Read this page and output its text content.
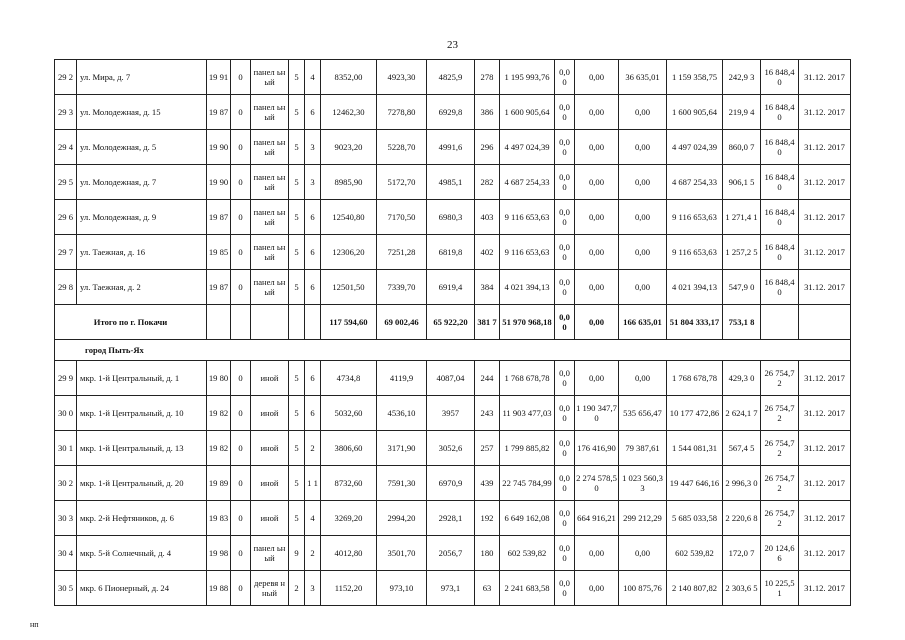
23
29 2	ул. Мира, д. 7	19 91	0	панел ьный	5	4	8352,00	4923,30	4825,9	278	1 195 993,76	0,0 0	0,00	36 635,01	1 159 358,75	242,9 3	16 848,4 0	31.12. 2017
29 3	ул. Молодежная, д. 15	19 87	0	панел ьный	5	6	12462,30	7278,80	6929,8	386	1 600 905,64	0,0 0	0,00	0,00	1 600 905,64	219,9 4	16 848,4 0	31.12. 2017
29 4	ул. Молодежная, д. 5	19 90	0	панел ьный	5	3	9023,20	5228,70	4991,6	296	4 497 024,39	0,0 0	0,00	0,00	4 497 024,39	860,0 7	16 848,4 0	31.12. 2017
29 5	ул. Молодежная, д. 7	19 90	0	панел ьный	5	3	8985,90	5172,70	4985,1	282	4 687 254,33	0,0 0	0,00	0,00	4 687 254,33	906,1 5	16 848,4 0	31.12. 2017
29 6	ул. Молодежная, д. 9	19 87	0	панел ьный	5	6	12540,80	7170,50	6980,3	403	9 116 653,63	0,0 0	0,00	0,00	9 116 653,63	1 271,4 1	16 848,4 0	31.12. 2017
29 7	ул. Таежная, д. 16	19 85	0	панел ьный	5	6	12306,20	7251,28	6819,8	402	9 116 653,63	0,0 0	0,00	0,00	9 116 653,63	1 257,2 5	16 848,4 0	31.12. 2017
29 8	ул. Таежная, д. 2	19 87	0	панел ьный	5	6	12501,50	7339,70	6919,4	384	4 021 394,13	0,0 0	0,00	0,00	4 021 394,13	547,9 0	16 848,4 0	31.12. 2017
Итого по г. Покачи							117 594,60	69 002,46	65 922,20	381 7	51 970 968,18	0,0 0	0,00	166 635,01	51 804 333,17	753,1 8		
город Пыть-Ях																		
29 9	мкр. 1-й Центральный, д. 1	19 80	0	иной	5	6	4734,8	4119,9	4087,04	244	1 768 678,78	0,0 0	0,00	0,00	1 768 678,78	429,3 0	26 754,7 2	31.12. 2017
30 0	мкр. 1-й Центральный, д. 10	19 82	0	иной	5	6	5032,60	4536,10	3957	243	11 903 477,03	0,0 0	1 190 347,70	535 656,47	10 177 472,86	2 624,1 7	26 754,7 2	31.12. 2017
30 1	мкр. 1-й Центральный, д. 13	19 82	0	иной	5	2	3806,60	3171,90	3052,6	257	1 799 885,82	0,0 0	176 416,90	79 387,61	1 544 081,31	567,4 5	26 754,7 2	31.12. 2017
30 2	мкр. 1-й Центральный, д. 20	19 89	0	иной	5	1 1	8732,60	7591,30	6970,9	439	22 745 784,99	0,0 0	2 274 578,50	1 023 560,33	19 447 646,16	2 996,3 0	26 754,7 2	31.12. 2017
30 3	мкр. 2-й Нефтяников, д. 6	19 83	0	иной	5	4	3269,20	2994,20	2928,1	192	6 649 162,08	0,0 0	664 916,21	299 212,29	5 685 033,58	2 220,6 8	26 754,7 2	31.12. 2017
30 4	мкр. 5-й Солнечный, д. 4	19 98	0	панел ьный	9	2	4012,80	3501,70	2056,7	180	602 539,82	0,0 0	0,00	0,00	602 539,82	172,0 7	20 124,6 6	31.12. 2017
30 5	мкр. 6 Пионерный, д. 24	19 88	0	деревя нный	2	3	1152,20	973,10	973,1	63	2 241 683,58	0,0 0	0,00	100 875,76	2 140 807,82	2 303,6 5	10 225,5 1	31.12. 2017
нп
